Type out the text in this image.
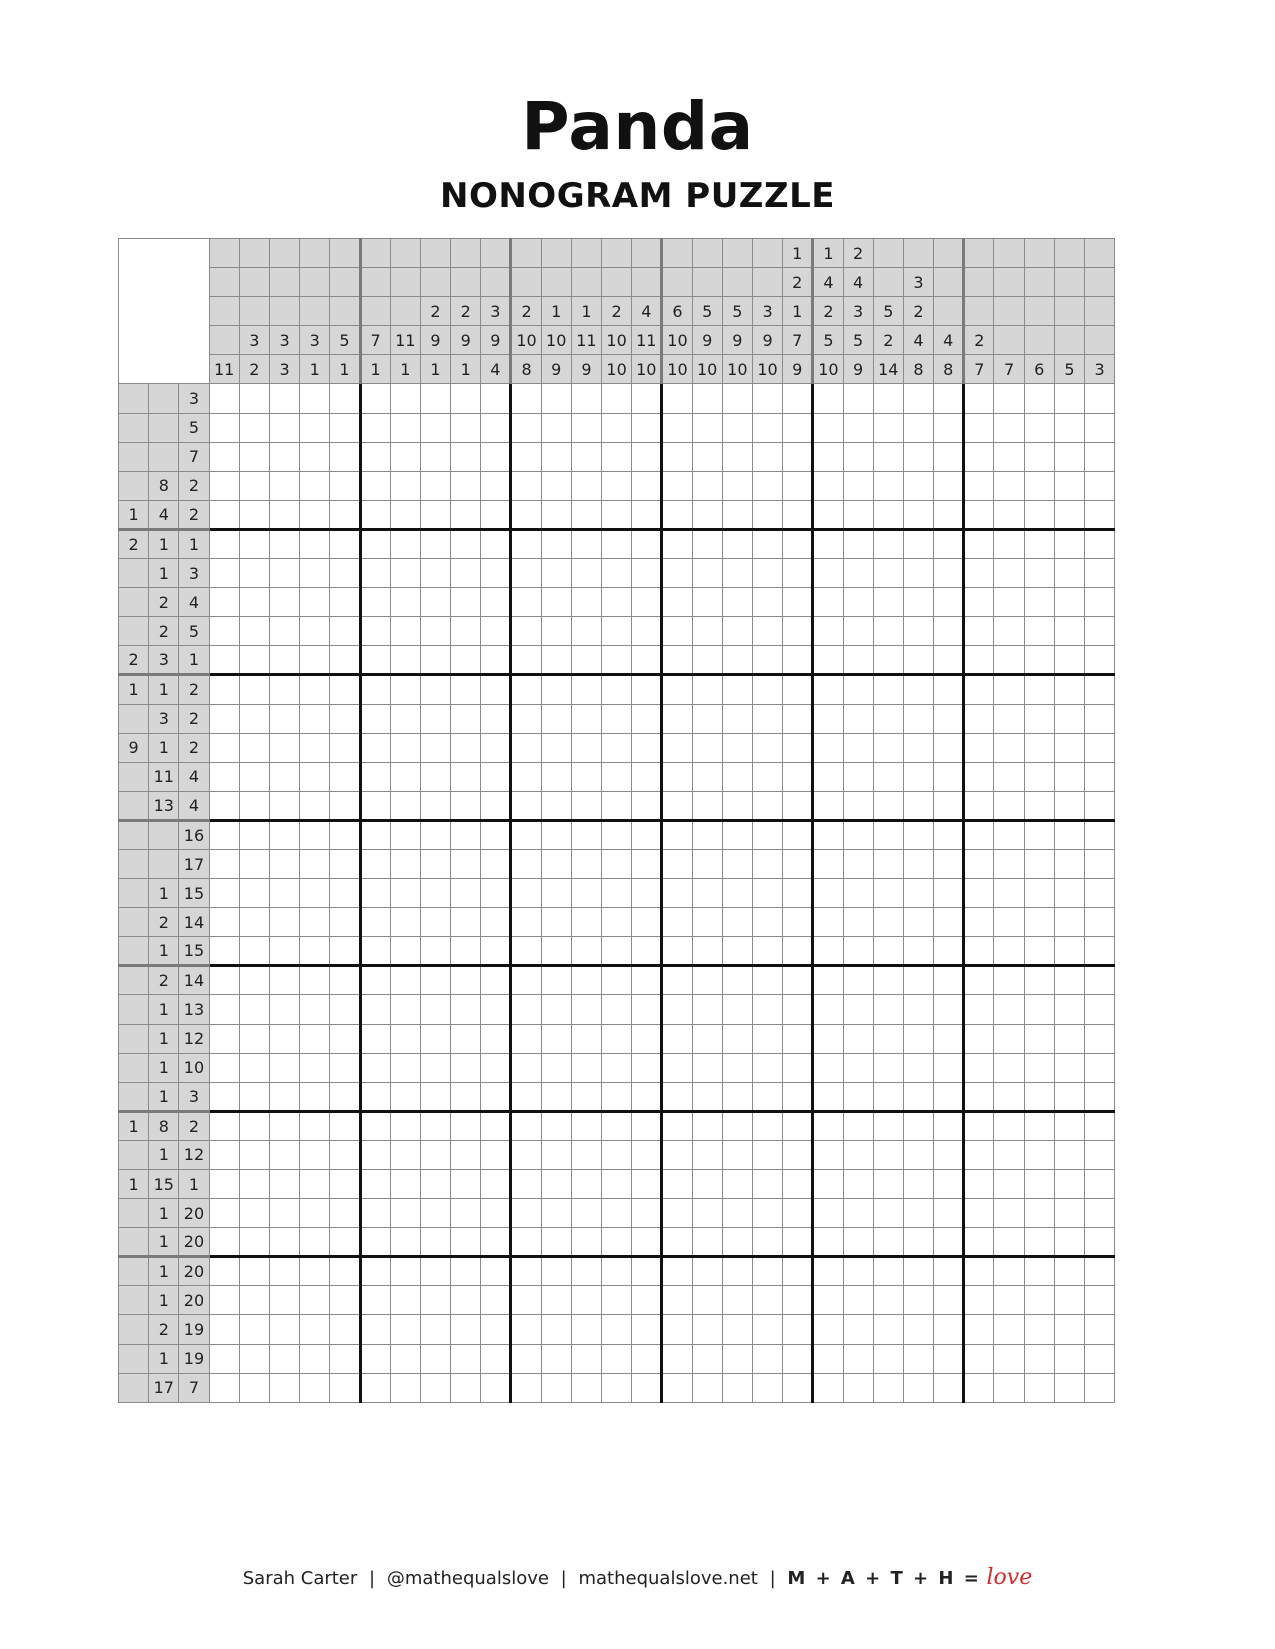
Panda
NONOGRAM PUZZLE
																						1	1	2								
																						2	4	4		3						
										2	2	3	2	1	1	2	4	6	5	5	3	1	2	3	5	2						
				3	3	3	5	7	11	9	9	9	10	10	11	10	11	10	9	9	9	7	5	5	2	4	4	2				
			11	2	3	1	1	1	1	1	1	4	8	9	9	10	10	10	10	10	10	9	10	9	14	8	8	7	7	6	5	3
		3																														
		5																														
		7																														
	8	2																														
1	4	2																														
2	1	1																														
	1	3																														
	2	4																														
	2	5																														
2	3	1																														
1	1	2																														
	3	2																														
9	1	2																														
	11	4																														
	13	4																														
		16																														
		17																														
	1	15																														
	2	14																														
	1	15																														
	2	14																														
	1	13																														
	1	12																														
	1	10																														
	1	3																														
1	8	2																														
	1	12																														
1	15	1																														
	1	20																														
	1	20																														
	1	20																														
	1	20																														
	2	19																														
	1	19																														
	17	7																														
Sarah Carter | @mathequalslove | mathequalslove.net | M + A + T + H = love
